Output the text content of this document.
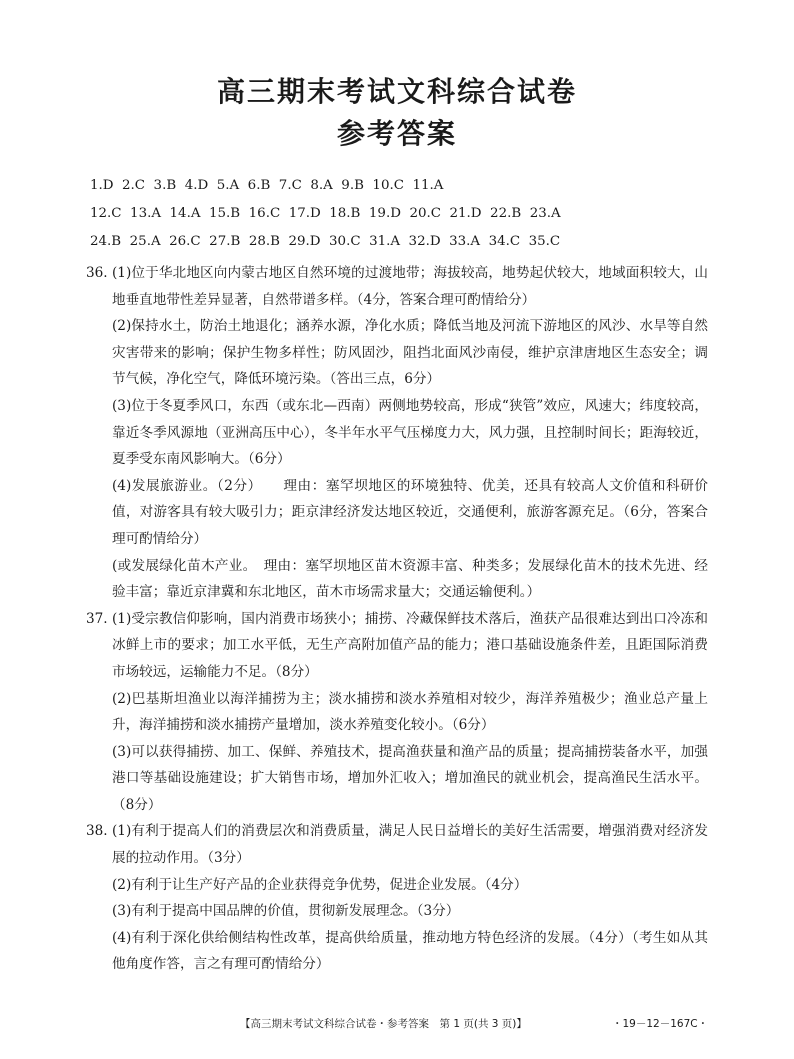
高三期末考试文科综合试卷
参考答案
1.D  2.C  3.B  4.D  5.A  6.B  7.C  8.A  9.B  10.C  11.A
12.C  13.A  14.A  15.B  16.C  17.D  18.B  19.D  20.C  21.D  22.B  23.A
24.B  25.A  26.C  27.B  28.B  29.D  30.C  31.A  32.D  33.A  34.C  35.C
36. (1)位于华北地区向内蒙古地区自然环境的过渡地带；海拔较高，地势起伏较大，地域面积较大，山地垂直地带性差异显著，自然带谱多样。（4分，答案合理可酌情给分）

(2)保持水土，防治土地退化；涵养水源，净化水质；降低当地及河流下游地区的风沙、水旱等自然灾害带来的影响；保护生物多样性；防风固沙，阻挡北面风沙南侵，维护京津唐地区生态安全；调节气候，净化空气，降低环境污染。（答出三点，6分）

(3)位于冬夏季风口，东西（或东北—西南）两侧地势较高，形成“狭管”效应，风速大；纬度较高，靠近冬季风源地（亚洲高压中心），冬半年水平气压梯度力大，风力强，且控制时间长；距海较近，夏季受东南风影响大。（6分）

(4)发展旅游业。（2分）　　理由：塞罕坝地区的环境独特、优美，还具有较高人文价值和科研价值，对游客具有较大吸引力；距京津经济发达地区较近，交通便利，旅游客源充足。（6分，答案合理可酌情给分）

(或发展绿化苗木产业。　理由：塞罕坝地区苗木资源丰富、种类多；发展绿化苗木的技术先进、经验丰富；靠近京津冀和东北地区，苗木市场需求量大；交通运输便利。）

37. (1)受宗教信仰影响，国内消费市场狭小；捕捞、冷藏保鲜技术落后，渔获产品很难达到出口冷冻和冰鲜上市的要求；加工水平低，无生产高附加值产品的能力；港口基础设施条件差，且距国际消费市场较远，运输能力不足。（8分）

(2)巴基斯坦渔业以海洋捕捞为主；淡水捕捞和淡水养殖相对较少，海洋养殖极少；渔业总产量上升，海洋捕捞和淡水捕捞产量增加，淡水养殖变化较小。（6分）

(3)可以获得捕捞、加工、保鲜、养殖技术，提高渔获量和渔产品的质量；提高捕捞装备水平，加强港口等基础设施建设；扩大销售市场，增加外汇收入；增加渔民的就业机会，提高渔民生活水平。（8分）

38. (1)有利于提高人们的消费层次和消费质量，满足人民日益增长的美好生活需要，增强消费对经济发展的拉动作用。（3分）

(2)有利于让生产好产品的企业获得竞争优势，促进企业发展。（4分）

(3)有利于提高中国品牌的价值，贯彻新发展理念。（3分）

(4)有利于深化供给侧结构性改革，提高供给质量，推动地方特色经济的发展。（4分）（考生如从其他角度作答，言之有理可酌情给分）

【高三期末考试文科综合试卷・参考答案　第 1 页(共 3 页)】	・19－12－167C・
